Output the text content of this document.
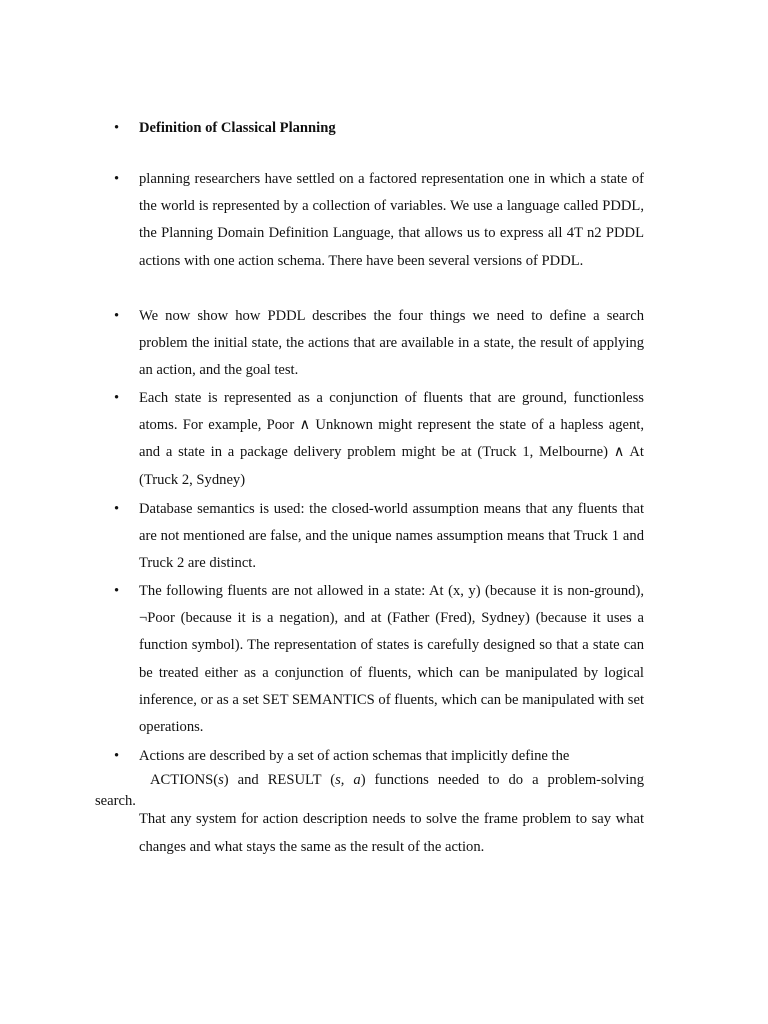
•	Definition of Classical Planning
•	planning researchers have settled on a factored representation one in which a state of the world is represented by a collection of variables. We use a language called PDDL, the Planning Domain Definition Language, that allows us to express all 4T n2 PDDL actions with one action schema. There have been several versions of PDDL.
•	We now show how PDDL describes the four things we need to define a search problem the initial state, the actions that are available in a state, the result of applying an action, and the goal test.
•	Each state is represented as a conjunction of fluents that are ground, functionless atoms. For example, Poor ∧ Unknown might represent the state of a hapless agent, and a state in a package delivery problem might be at (Truck 1, Melbourne) ∧ At (Truck 2, Sydney)
•	Database semantics is used: the closed-world assumption means that any fluents that are not mentioned are false, and the unique names assumption means that Truck 1 and Truck 2 are distinct.
•	The following fluents are not allowed in a state: At (x, y) (because it is non-ground), ¬Poor (because it is a negation), and at (Father (Fred), Sydney) (because it uses a function symbol). The representation of states is carefully designed so that a state can be treated either as a conjunction of fluents, which can be manipulated by logical inference, or as a set SET SEMANTICS of fluents, which can be manipulated with set operations.
•	Actions are described by a set of action schemas that implicitly define the
ACTIONS(s) and RESULT (s, a) functions needed to do a problem-solving
search.
That any system for action description needs to solve the frame problem to say what changes and what stays the same as the result of the action.
